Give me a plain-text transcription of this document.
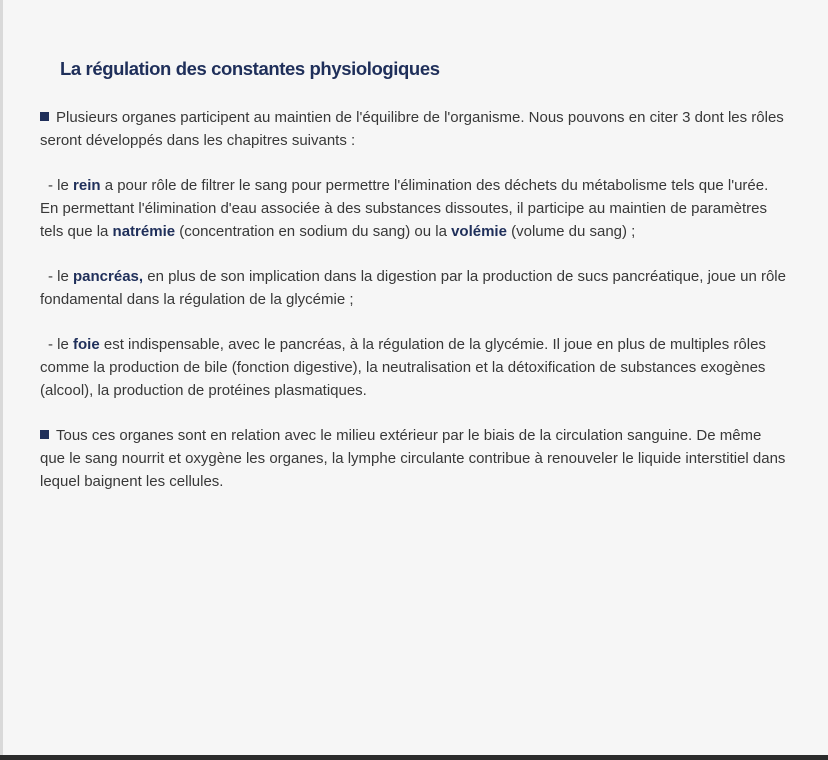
La régulation des constantes physiologiques

Plusieurs organes participent au maintien de l'équilibre de l'organisme. Nous pouvons en citer 3 dont les rôles seront développés dans les chapitres suivants :

- le rein a pour rôle de filtrer le sang pour permettre l'élimination des déchets du métabolisme tels que l'urée. En permettant l'élimination d'eau associée à des substances dissoutes, il participe au maintien de paramètres tels que la natrémie (concentration en sodium du sang) ou la volémie (volume du sang) ;

- le pancréas, en plus de son implication dans la digestion par la production de sucs pancréatique, joue un rôle fondamental dans la régulation de la glycémie ;

- le foie est indispensable, avec le pancréas, à la régulation de la glycémie. Il joue en plus de multiples rôles comme la production de bile (fonction digestive), la neutralisation et la détoxification de substances exogènes (alcool), la production de protéines plasmatiques.

Tous ces organes sont en relation avec le milieu extérieur par le biais de la circulation sanguine. De même que le sang nourrit et oxygène les organes, la lymphe circulante contribue à renouveler le liquide interstitiel dans lequel baignent les cellules.
